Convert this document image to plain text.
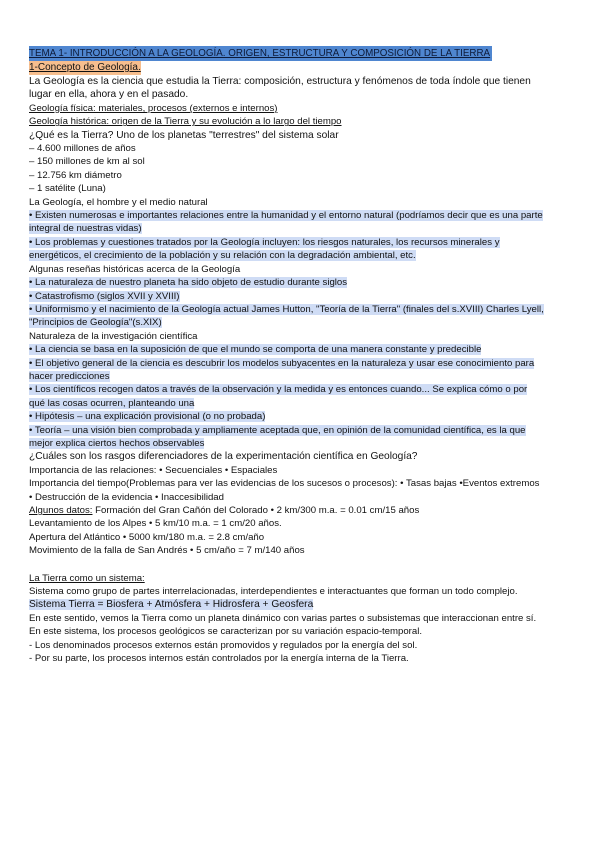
TEMA 1- INTRODUCCIÓN A LA GEOLOGÍA. ORIGEN, ESTRUCTURA Y COMPOSICIÓN DE LA TIERRA
1-Concepto de Geología.
La Geología es la ciencia que estudia la Tierra: composición, estructura y fenómenos de toda índole que tienen
lugar en ella, ahora y en el pasado.
Geología física: materiales, procesos (externos e internos)
Geología histórica: origen de la Tierra y su evolución a lo largo del tiempo
¿Qué es la Tierra? Uno de los planetas "terrestres" del sistema solar
– 4.600 millones de años
– 150 millones de km al sol
– 12.756 km diámetro
– 1 satélite (Luna)
La Geología, el hombre y el medio natural
• Existen numerosas e importantes relaciones entre la humanidad y el entorno natural (podríamos decir que es una parte
integral de nuestras vidas)
• Los problemas y cuestiones tratados por la Geología incluyen: los riesgos naturales, los recursos minerales y
energéticos, el crecimiento de la población y su relación con la degradación ambiental, etc.
Algunas reseñas históricas acerca de la Geología
• La naturaleza de nuestro planeta ha sido objeto de estudio durante siglos
• Catastrofismo (siglos XVII y XVIII)
• Uniformismo y el nacimiento de la Geología actual James Hutton, "Teoría de la Tierra" (finales del s.XVIII) Charles Lyell,
"Principios de Geología"(s.XIX)
Naturaleza de la investigación científica
• La ciencia se basa en la suposición de que el mundo se comporta de una manera constante y predecible
• El objetivo general de la ciencia es descubrir los modelos subyacentes en la naturaleza y usar ese conocimiento para
hacer predicciones
• Los científicos recogen datos a través de la observación y la medida y es entonces cuando... Se explica cómo o por
qué las cosas ocurren, planteando una
• Hipótesis – una explicación provisional (o no probada)
• Teoría – una visión bien comprobada y ampliamente aceptada que, en opinión de la comunidad científica, es la que
mejor explica ciertos hechos observables
¿Cuáles son los rasgos diferenciadores de la experimentación científica en Geología?
Importancia de las relaciones: • Secuenciales • Espaciales
Importancia del tiempo(Problemas para ver las evidencias de los sucesos o procesos): • Tasas bajas •Eventos extremos
• Destrucción de la evidencia • Inaccesibilidad
Algunos datos: Formación del Gran Cañón del Colorado • 2 km/300 m.a. = 0.01 cm/15 años
Levantamiento de los Alpes • 5 km/10 m.a. = 1 cm/20 años.
Apertura del Atlántico • 5000 km/180 m.a. = 2.8 cm/año
Movimiento de la falla de San Andrés • 5 cm/año = 7 m/140 años
La Tierra como un sistema:
Sistema como grupo de partes interrelacionadas, interdependientes e interactuantes que forman un todo complejo.
Sistema Tierra = Biosfera + Atmósfera + Hidrosfera + Geosfera
En este sentido, vemos la Tierra como un planeta dinámico con varias partes o subsistemas que interaccionan entre sí.
En este sistema, los procesos geológicos se caracterizan por su variación espacio-temporal.
- Los denominados procesos externos están promovidos y regulados por la energía del sol.
- Por su parte, los procesos internos están controlados por la energía interna de la Tierra.
